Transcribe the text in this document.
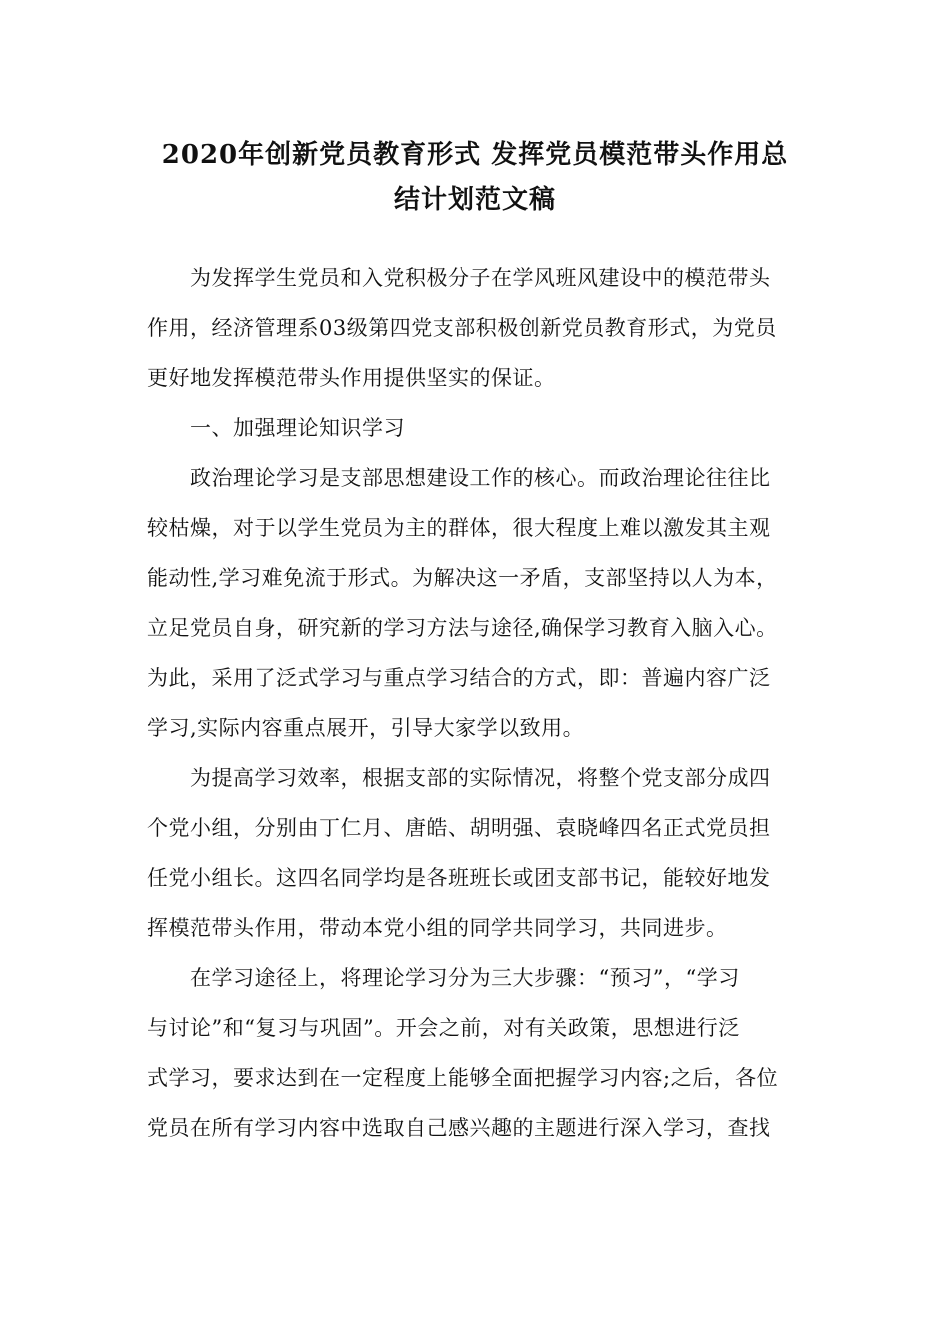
2020年创新党员教育形式 发挥党员模范带头作用总
结计划范文稿
为发挥学生党员和入党积极分子在学风班风建设中的模范带头
作用，经济管理系03级第四党支部积极创新党员教育形式，为党员
更好地发挥模范带头作用提供坚实的保证。
一、加强理论知识学习
政治理论学习是支部思想建设工作的核心。而政治理论往往比
较枯燥，对于以学生党员为主的群体，很大程度上难以激发其主观
能动性,学习难免流于形式。为解决这一矛盾，支部坚持以人为本，
立足党员自身，研究新的学习方法与途径,确保学习教育入脑入心。
为此，采用了泛式学习与重点学习结合的方式，即：普遍内容广泛
学习,实际内容重点展开，引导大家学以致用。
为提高学习效率，根据支部的实际情况，将整个党支部分成四
个党小组，分别由丁仁月、唐皓、胡明强、袁晓峰四名正式党员担
任党小组长。这四名同学均是各班班长或团支部书记，能较好地发
挥模范带头作用，带动本党小组的同学共同学习，共同进步。
在学习途径上，将理论学习分为三大步骤：“预习”，“学习
与讨论”和“复习与巩固”。开会之前，对有关政策，思想进行泛
式学习，要求达到在一定程度上能够全面把握学习内容;之后，各位
党员在所有学习内容中选取自己感兴趣的主题进行深入学习，查找
